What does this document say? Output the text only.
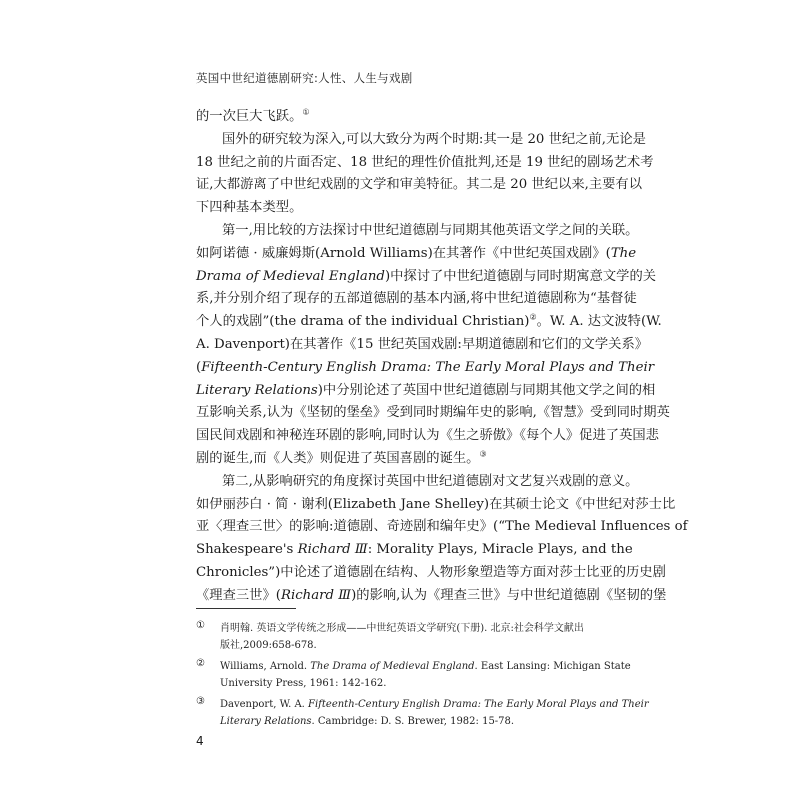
英国中世纪道德剧研究:人性、人生与戏剧
的一次巨大飞跃。①
国外的研究较为深入,可以大致分为两个时期:其一是 20 世纪之前,无论是
18 世纪之前的片面否定、18 世纪的理性价值批判,还是 19 世纪的剧场艺术考
证,大都游离了中世纪戏剧的文学和审美特征。其二是 20 世纪以来,主要有以
下四种基本类型。
第一,用比较的方法探讨中世纪道德剧与同期其他英语文学之间的关联。
如阿诺德 · 威廉姆斯(Arnold Williams)在其著作《中世纪英国戏剧》(The
Drama of Medieval England)中探讨了中世纪道德剧与同时期寓意文学的关
系,并分别介绍了现存的五部道德剧的基本内涵,将中世纪道德剧称为“基督徒
个人的戏剧”(the drama of the individual Christian)②。W. A. 达文波特(W.
A. Davenport)在其著作《15 世纪英国戏剧:早期道德剧和它们的文学关系》
(Fifteenth-Century English Drama: The Early Moral Plays and Their
Literary Relations)中分别论述了英国中世纪道德剧与同期其他文学之间的相
互影响关系,认为《坚韧的堡垒》受到同时期编年史的影响,《智慧》受到同时期英
国民间戏剧和神秘连环剧的影响,同时认为《生之骄傲》《每个人》促进了英国悲
剧的诞生,而《人类》则促进了英国喜剧的诞生。③
第二,从影响研究的角度探讨英国中世纪道德剧对文艺复兴戏剧的意义。
如伊丽莎白 · 简 · 谢利(Elizabeth Jane Shelley)在其硕士论文《中世纪对莎士比
亚〈理查三世〉的影响:道德剧、奇迹剧和编年史》(“The Medieval Influences of
Shakespeare's Richard Ⅲ: Morality Plays, Miracle Plays, and the
Chronicles”)中论述了道德剧在结构、人物形象塑造等方面对莎士比亚的历史剧
《理查三世》(Richard Ⅲ)的影响,认为《理查三世》与中世纪道德剧《坚韧的堡
① 肖明翰. 英语文学传统之形成——中世纪英语文学研究(下册). 北京:社会科学文献出
版社,2009:658-678.
② Williams, Arnold. The Drama of Medieval England. East Lansing: Michigan State
University Press, 1961: 142-162.
③ Davenport, W. A. Fifteenth-Century English Drama: The Early Moral Plays and Their
Literary Relations. Cambridge: D. S. Brewer, 1982: 15-78.
4
